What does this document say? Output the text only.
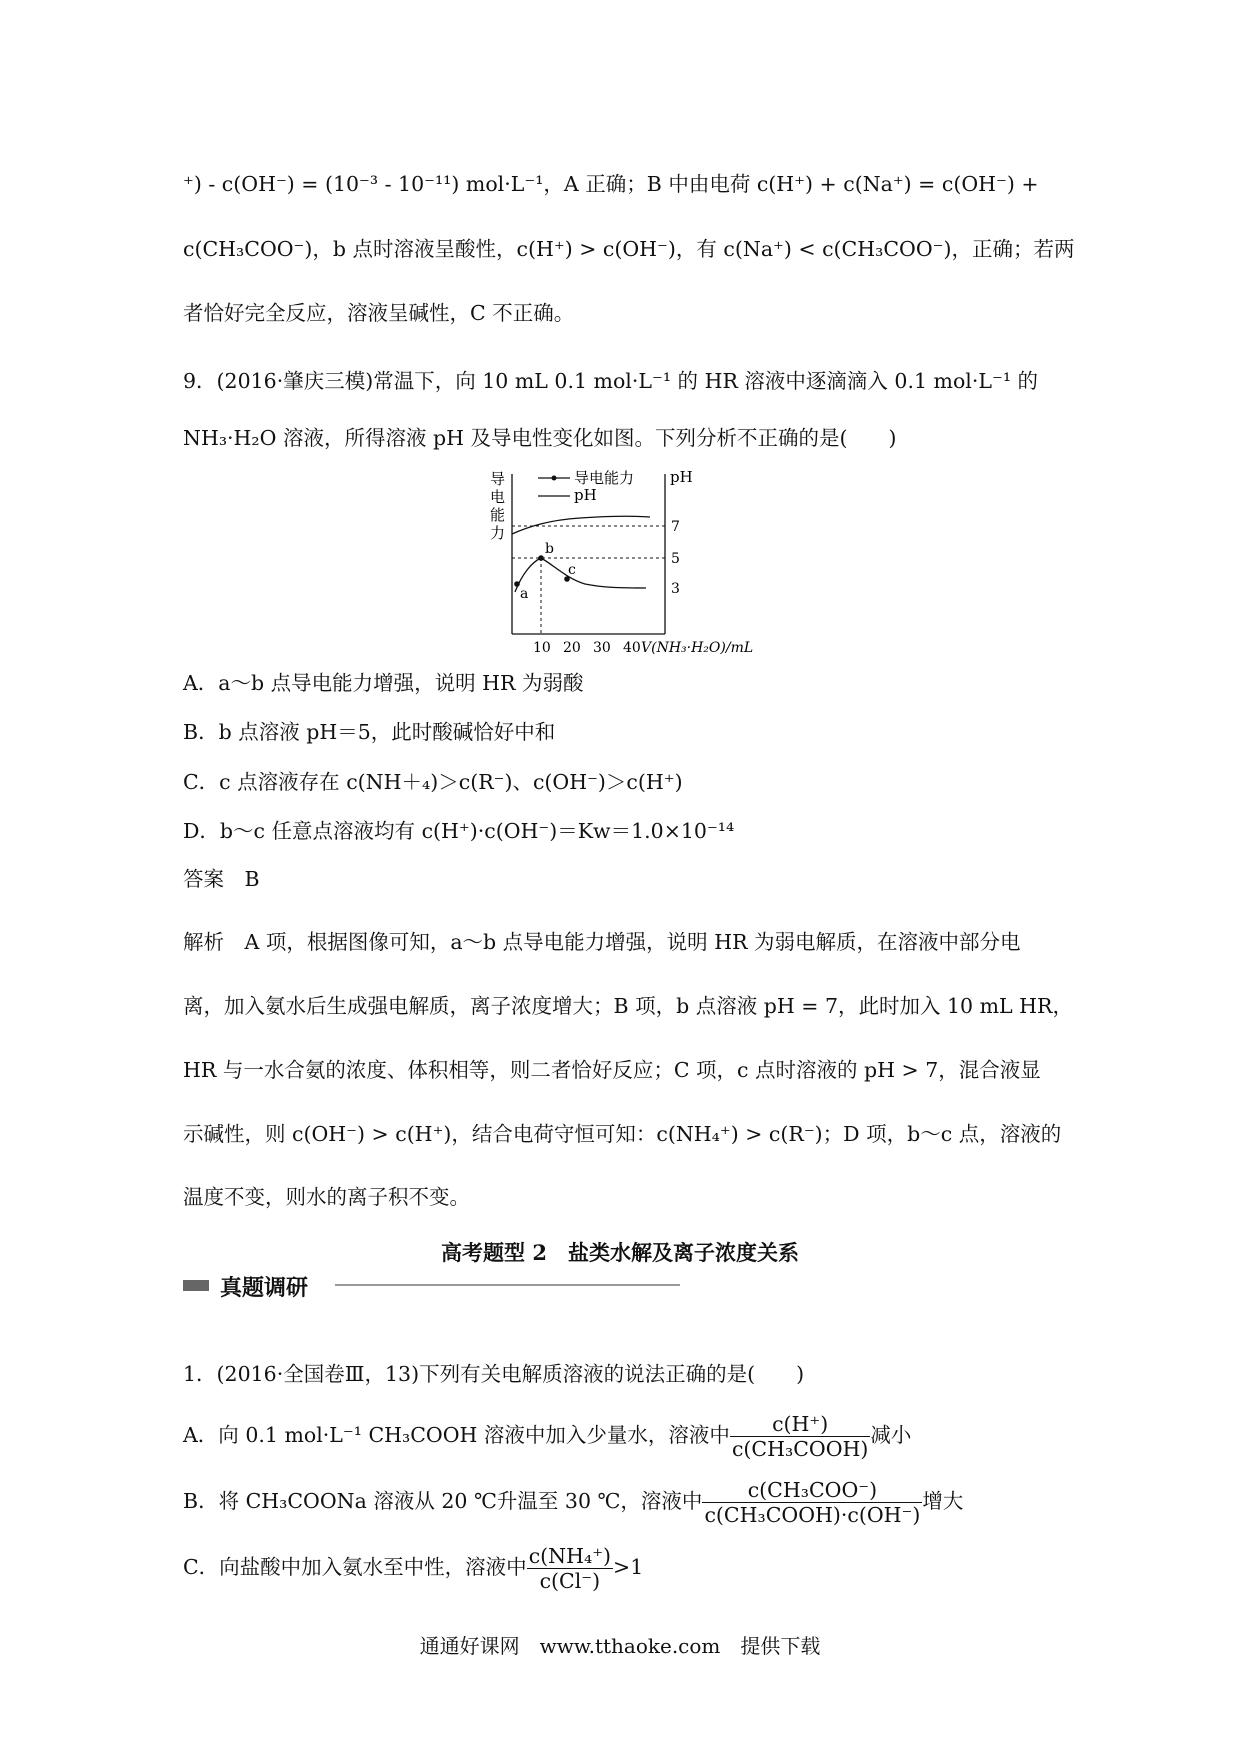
⁺) - c(OH⁻) = (10⁻³ - 10⁻¹¹) mol·L⁻¹，A 正确；B 中由电荷 c(H⁺) + c(Na⁺) = c(OH⁻) +
c(CH₃COO⁻)，b 点时溶液呈酸性，c(H⁺) > c(OH⁻)，有 c(Na⁺) < c(CH₃COO⁻)，正确；若两
者恰好完全反应，溶液呈碱性，C 不正确。
9．(2016·肇庆三模)常温下，向 10 mL 0.1 mol·L⁻¹ 的 HR 溶液中逐滴滴入 0.1 mol·L⁻¹ 的
NH₃·H₂O 溶液，所得溶液 pH 及导电性变化如图。下列分析不正确的是(　　)
导
电
能
力
导电能力
pH
pH
7
5
3
a
b
c
10 20 30 40 V(NH₃·H₂O)/mL
A．a～b 点导电能力增强，说明 HR 为弱酸
B．b 点溶液 pH＝5，此时酸碱恰好中和
C．c 点溶液存在 c(NH＋₄)＞c(R⁻)、c(OH⁻)＞c(H⁺)
D．b～c 任意点溶液均有 c(H⁺)·c(OH⁻)＝Kw＝1.0×10⁻¹⁴
答案　B
解析　A 项，根据图像可知，a～b 点导电能力增强，说明 HR 为弱电解质，在溶液中部分电
离，加入氨水后生成强电解质，离子浓度增大；B 项，b 点溶液 pH = 7，此时加入 10 mL HR，
HR 与一水合氨的浓度、体积相等，则二者恰好反应；C 项，c 点时溶液的 pH > 7，混合液显
示碱性，则 c(OH⁻) > c(H⁺)，结合电荷守恒可知：c(NH₄⁺) > c(R⁻)；D 项，b～c 点，溶液的
温度不变，则水的离子积不变。
高考题型 2　盐类水解及离子浓度关系
真题调研
1．(2016·全国卷Ⅲ，13)下列有关电解质溶液的说法正确的是(　　)
A．向 0.1 mol·L⁻¹ CH₃COOH 溶液中加入少量水，溶液中 $\frac{c(H^+)}{\text{c(CH₃COOH)}}$ 减小
B．将 CH₃COONa 溶液从 20 ℃升温至 30 ℃，溶液中 $\frac{\text{c(CH₃COO⁻)}}{\text{c(CH₃COOH)·c(OH⁻)}}$ 增大
C．向盐酸中加入氨水至中性，溶液中 $\frac{\text{c(NH₄⁺)}}{c(Cl^-)} >1$
通通好课网　www.tthaoke.com　提供下载
